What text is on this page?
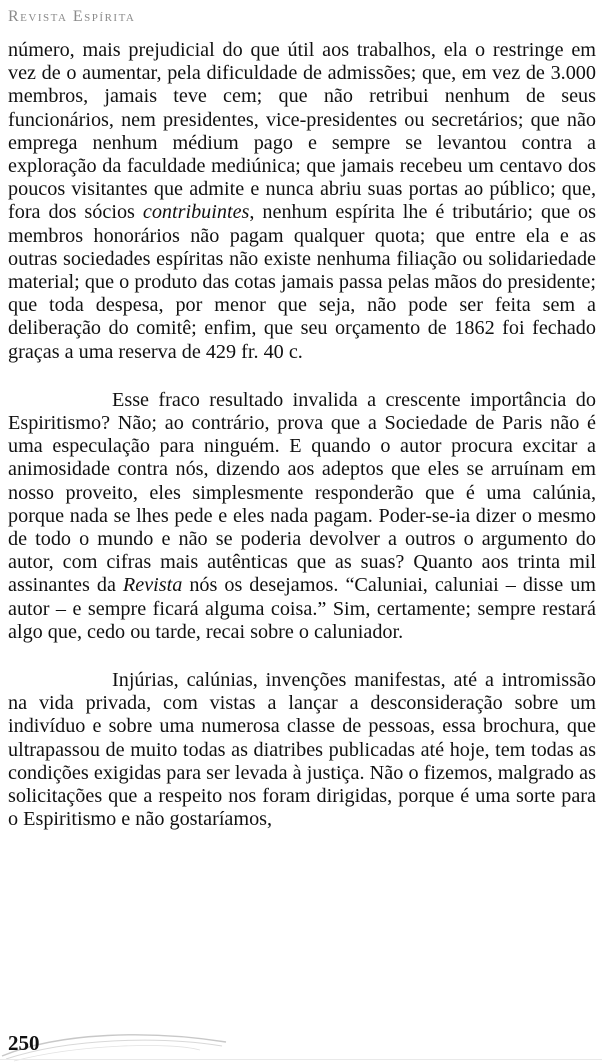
Revista Espírita

número, mais prejudicial do que útil aos trabalhos, ela o restringe em vez de o aumentar, pela dificuldade de admissões; que, em vez de 3.000 membros, jamais teve cem; que não retribui nenhum de seus funcionários, nem presidentes, vice-presidentes ou secretários; que não emprega nenhum médium pago e sempre se levantou contra a exploração da faculdade mediúnica; que jamais recebeu um centavo dos poucos visitantes que admite e nunca abriu suas portas ao público; que, fora dos sócios contribuintes, nenhum espírita lhe é tributário; que os membros honorários não pagam qualquer quota; que entre ela e as outras sociedades espíritas não existe nenhuma filiação ou solidariedade material; que o produto das cotas jamais passa pelas mãos do presidente; que toda despesa, por menor que seja, não pode ser feita sem a deliberação do comitê; enfim, que seu orçamento de 1862 foi fechado graças a uma reserva de 429 fr. 40 c.

Esse fraco resultado invalida a crescente importância do Espiritismo? Não; ao contrário, prova que a Sociedade de Paris não é uma especulação para ninguém. E quando o autor procura excitar a animosidade contra nós, dizendo aos adeptos que eles se arruínam em nosso proveito, eles simplesmente responderão que é uma calúnia, porque nada se lhes pede e eles nada pagam. Poder-se-ia dizer o mesmo de todo o mundo e não se poderia devolver a outros o argumento do autor, com cifras mais autênticas que as suas? Quanto aos trinta mil assinantes da Revista nós os desejamos. “Caluniai, caluniai – disse um autor – e sempre ficará alguma coisa.” Sim, certamente; sempre restará algo que, cedo ou tarde, recai sobre o caluniador.

Injúrias, calúnias, invenções manifestas, até a intromissão na vida privada, com vistas a lançar a desconsideração sobre um indivíduo e sobre uma numerosa classe de pessoas, essa brochura, que ultrapassou de muito todas as diatribes publicadas até hoje, tem todas as condições exigidas para ser levada à justiça. Não o fizemos, malgrado as solicitações que a respeito nos foram dirigidas, porque é uma sorte para o Espiritismo e não gostaríamos,

250
